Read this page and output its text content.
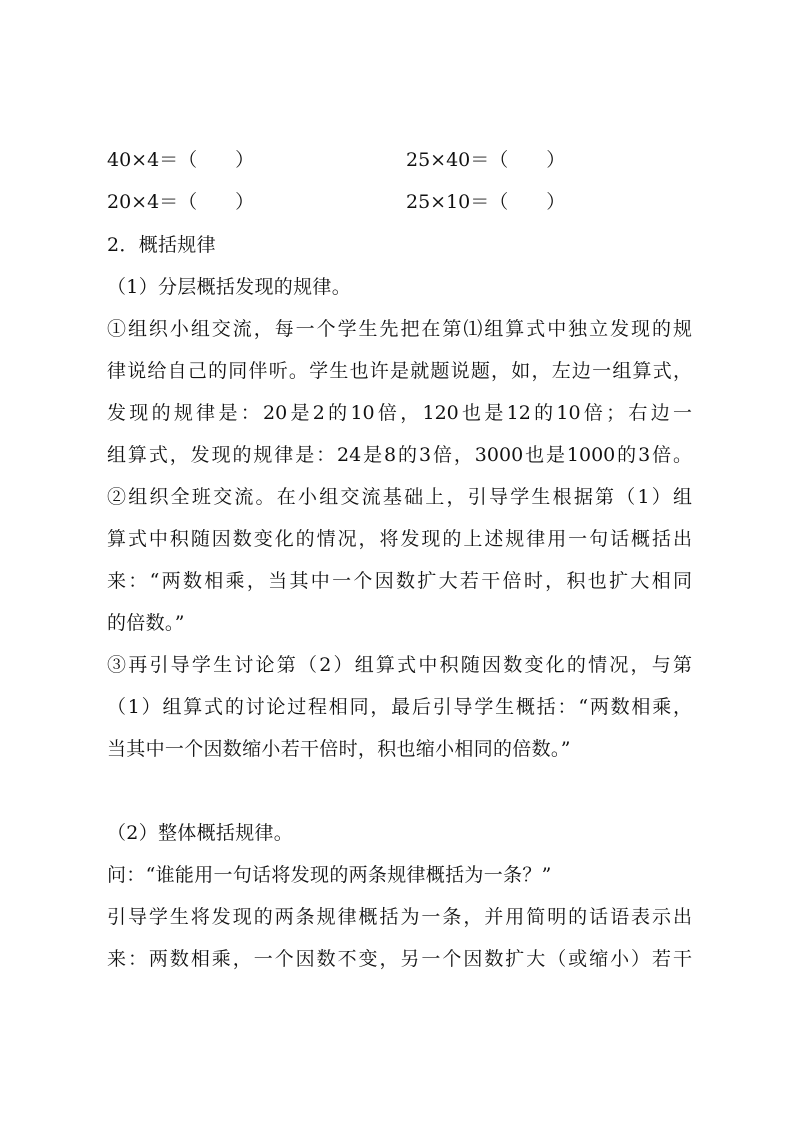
40×4＝（　　）	25×40＝（　　）
20×4＝（　　）	25×10＝（　　）
2．概括规律
（1）分层概括发现的规律。
①组织小组交流，每一个学生先把在第⑴组算式中独立发现的规
律说给自己的同伴听。学生也许是就题说题，如，左边一组算式，
发现的规律是：20是2的10倍，120也是12的10倍；右边一
组算式，发现的规律是：24是8的3倍，3000也是1000的3倍。
②组织全班交流。在小组交流基础上，引导学生根据第（1）组
算式中积随因数变化的情况，将发现的上述规律用一句话概括出
来：“两数相乘，当其中一个因数扩大若干倍时，积也扩大相同
的倍数。”
③再引导学生讨论第（2）组算式中积随因数变化的情况，与第
（1）组算式的讨论过程相同，最后引导学生概括：“两数相乘，
当其中一个因数缩小若干倍时，积也缩小相同的倍数。”
（2）整体概括规律。
问：“谁能用一句话将发现的两条规律概括为一条？”
引导学生将发现的两条规律概括为一条，并用简明的话语表示出
来：两数相乘，一个因数不变，另一个因数扩大（或缩小）若干
